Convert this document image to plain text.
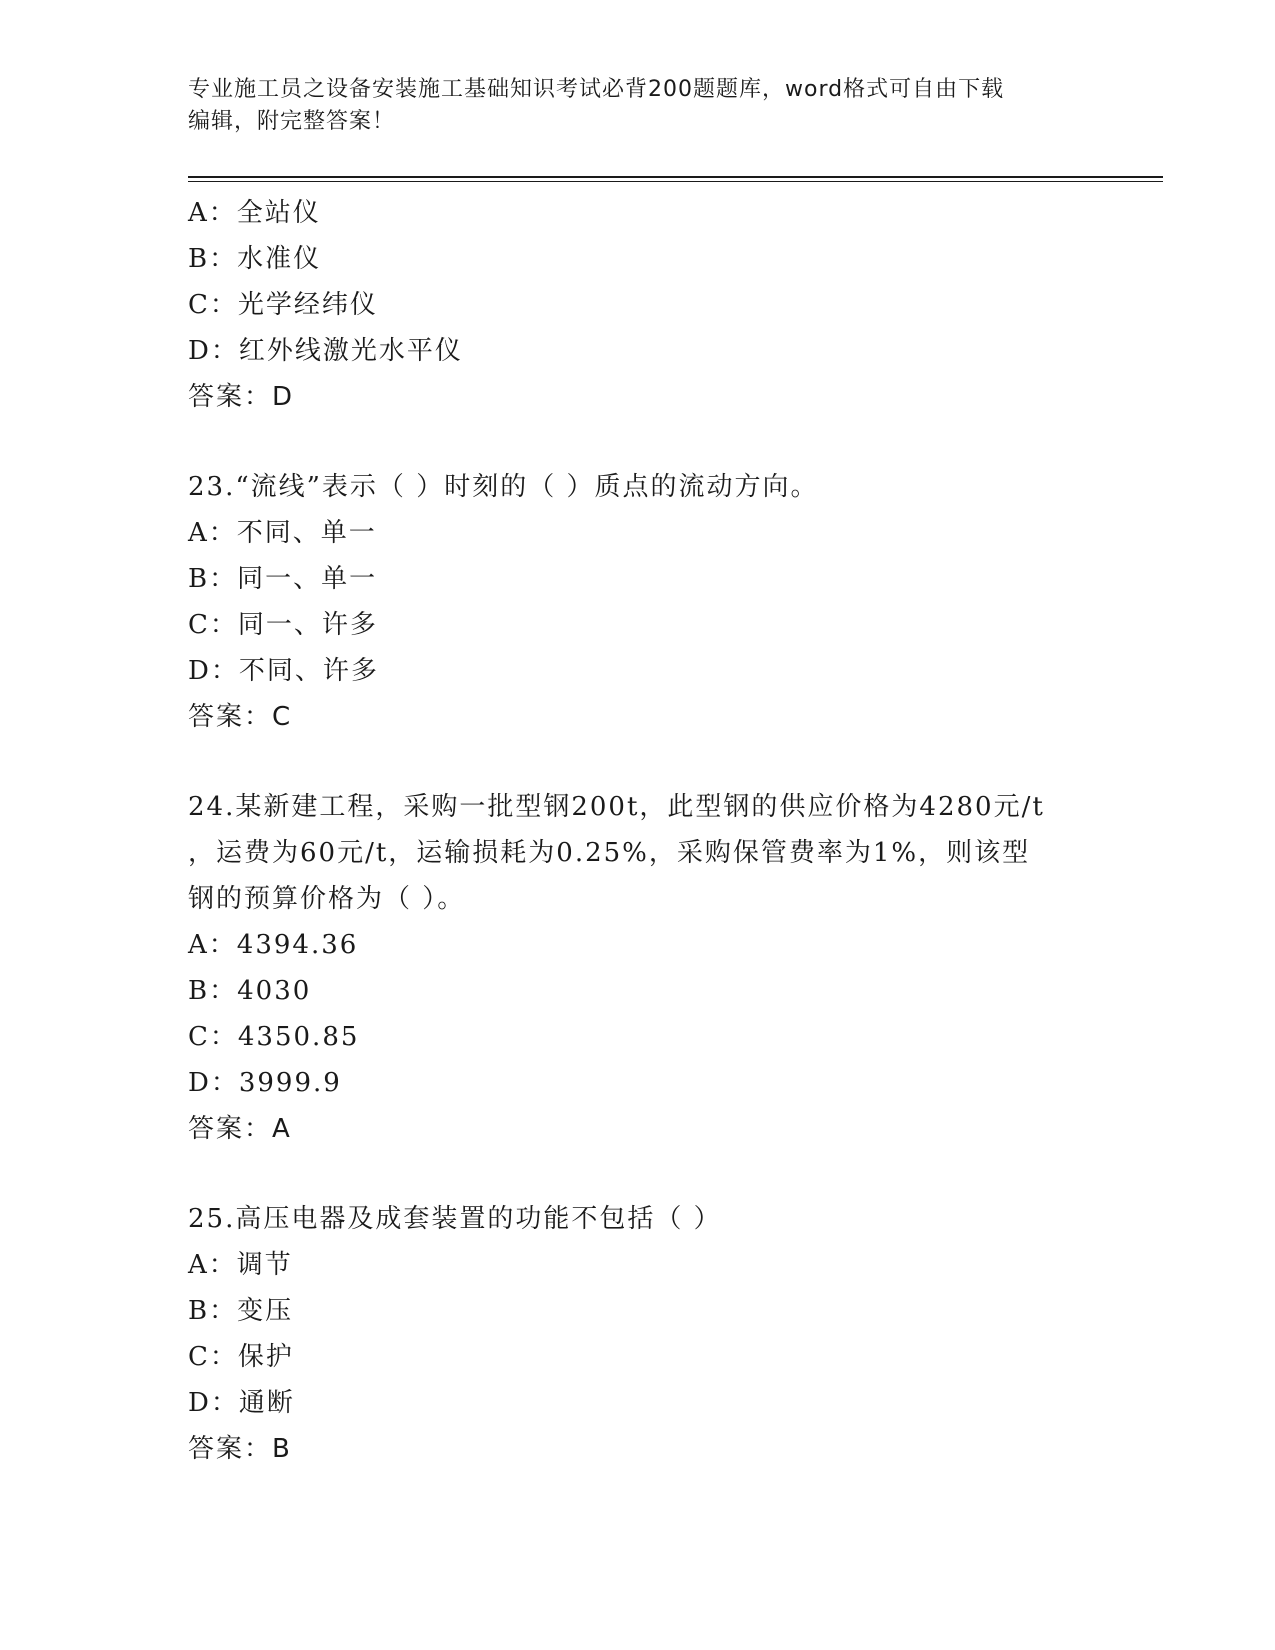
专业施工员之设备安装施工基础知识考试必背200题题库，word格式可自由下载
编辑，附完整答案！
A：全站仪
B：水准仪
C：光学经纬仪
D：红外线激光水平仪
答案：D
23.“流线”表示（ ）时刻的（ ）质点的流动方向。
A：不同、单一
B：同一、单一
C：同一、许多
D：不同、许多
答案：C
24.某新建工程，采购一批型钢200t，此型钢的供应价格为4280元/t
，运费为60元/t，运输损耗为0.25%，采购保管费率为1%，则该型
钢的预算价格为（ ）。
A：4394.36
B：4030
C：4350.85
D：3999.9
答案：A
25.高压电器及成套装置的功能不包括（ ）
A：调节
B：变压
C：保护
D：通断
答案：B
